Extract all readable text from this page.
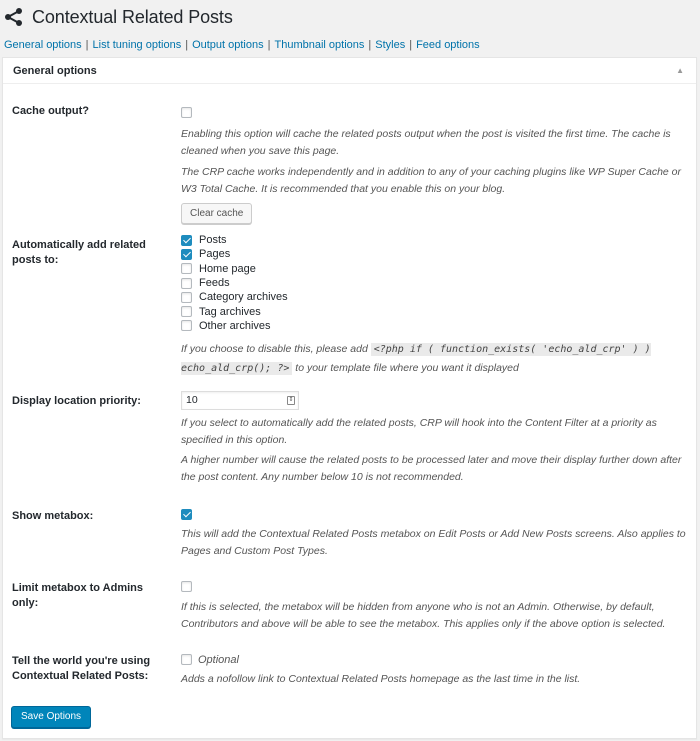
Contextual Related Posts
General options | List tuning options | Output options | Thumbnail options | Styles | Feed options
General options	▲
Cache output?

Enabling this option will cache the related posts output when the post is visited the first time. The cache is cleaned when you save this page.

The CRP cache works independently and in addition to any of your caching plugins like WP Super Cache or W3 Total Cache. It is recommended that you enable this on your blog.

Clear cache
Automatically add related posts to:
Posts
Pages
Home page
Feeds
Category archives
Tag archives
Other archives

If you choose to disable this, please add <?php if ( function_exists( 'echo_ald_crp' ) ) echo_ald_crp(); ?> to your template file where you want it displayed

Display location priority:	10	⇕

If you select to automatically add the related posts, CRP will hook into the Content Filter at a priority as specified in this option.

A higher number will cause the related posts to be processed later and move their display further down after the post content. Any number below 10 is not recommended.

Show metabox:

This will add the Contextual Related Posts metabox on Edit Posts or Add New Posts screens. Also applies to Pages and Custom Post Types.

Limit metabox to Admins only:	If this is selected, the metabox will be hidden from anyone who is not an Admin. Otherwise, by default, Contributors and above will be able to see the metabox. This applies only if the above option is selected.

Tell the world you're using Contextual Related Posts:
Optional

Adds a nofollow link to Contextual Related Posts homepage as the last time in the list.

Save Options
